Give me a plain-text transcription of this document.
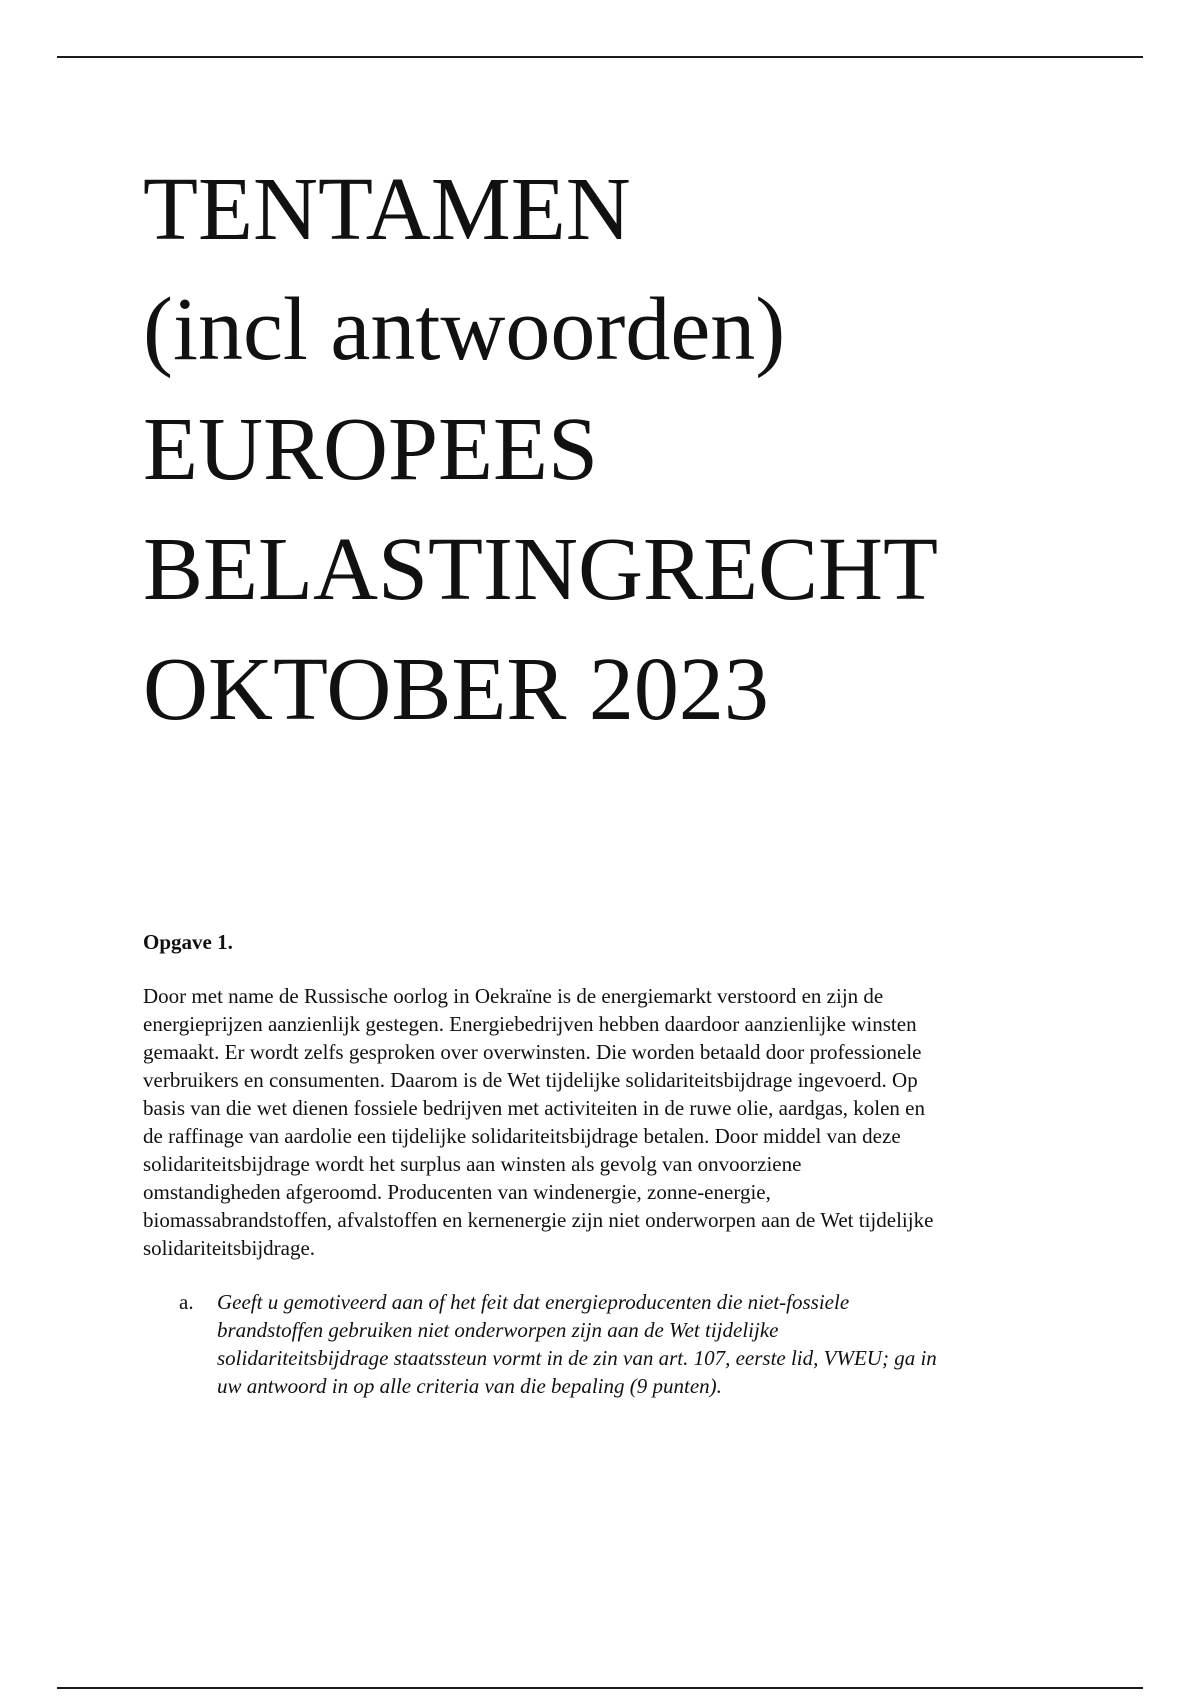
TENTAMEN
(incl antwoorden)
EUROPEES
BELASTINGRECHT
OKTOBER 2023
Opgave 1.

Door met name de Russische oorlog in Oekraïne is de energiemarkt verstoord en zijn de
energieprijzen aanzienlijk gestegen. Energiebedrijven hebben daardoor aanzienlijke winsten
gemaakt. Er wordt zelfs gesproken over overwinsten. Die worden betaald door professionele
verbruikers en consumenten. Daarom is de Wet tijdelijke solidariteitsbijdrage ingevoerd. Op
basis van die wet dienen fossiele bedrijven met activiteiten in de ruwe olie, aardgas, kolen en
de raffinage van aardolie een tijdelijke solidariteitsbijdrage betalen. Door middel van deze
solidariteitsbijdrage wordt het surplus aan winsten als gevolg van onvoorziene
omstandigheden afgeroomd. Producenten van windenergie, zonne-energie,
biomassabrandstoffen, afvalstoffen en kernenergie zijn niet onderworpen aan de Wet tijdelijke
solidariteitsbijdrage.

a. Geeft u gemotiveerd aan of het feit dat energieproducenten die niet-fossiele
brandstoffen gebruiken niet onderworpen zijn aan de Wet tijdelijke
solidariteitsbijdrage staatssteun vormt in de zin van art. 107, eerste lid, VWEU; ga in
uw antwoord in op alle criteria van die bepaling (9 punten).
